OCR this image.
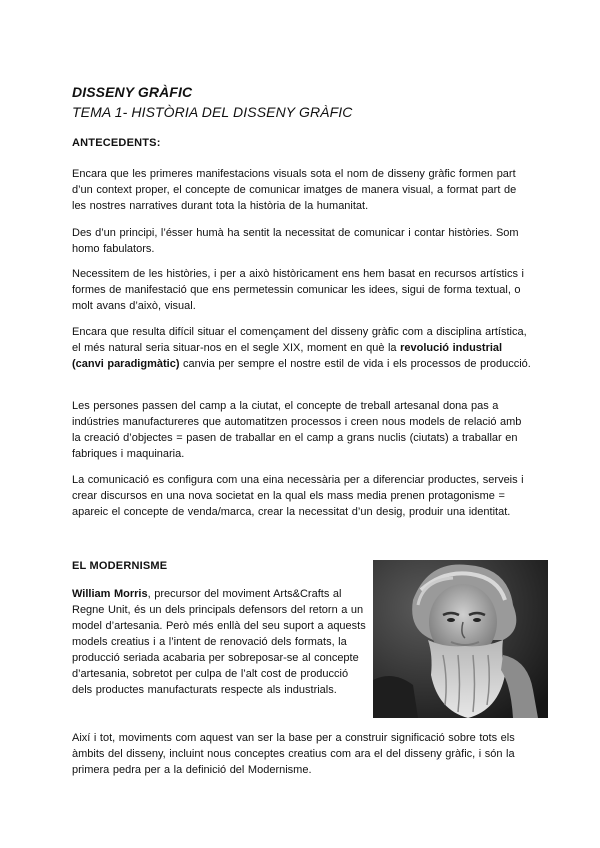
DISSENY GRÀFIC
TEMA 1- HISTÒRIA DEL DISSENY GRÀFIC
ANTECEDENTS:

Encara que les primeres manifestacions visuals sota el nom de disseny gràfic formen part d’un context proper, el concepte de comunicar imatges de manera visual, a format part de les nostres narratives durant tota la història de la humanitat.

Des d’un principi, l’ésser humà ha sentit la necessitat de comunicar i contar històries. Som homo fabulators.

Necessitem de les històries, i per a això històricament ens hem basat en recursos artístics i formes de manifestació que ens permetessin comunicar les idees, sigui de forma textual, o molt avans d’això, visual.

Encara que resulta difícil situar el començament del disseny gràfic com a disciplina artística, el més natural seria situar-nos en el segle XIX, moment en què la revolució industrial (canvi paradigmàtic) canvia per sempre el nostre estil de vida i els processos de producció.

Les persones passen del camp a la ciutat, el concepte de treball artesanal dona pas a indústries manufactureres que automatitzen processos i creen nous models de relació amb la creació d’objectes = pasen de traballar en el camp a grans nuclis (ciutats) a traballar en fabriques i maquinaria.

La comunicació es configura com una eina necessària per a diferenciar productes, serveis i crear discursos en una nova societat en la qual els mass media prenen protagonisme = apareic el concepte de venda/marca, crear la necessitat d’un desig, produir una identitat.

EL MODERNISME

William Morris, precursor del moviment Arts&Crafts al Regne Unit, és un dels principals defensors del retorn a un model d’artesania. Però més enllà del seu suport a aquests models creatius i a l’intent de renovació dels formats, la producció seriada acabaria per sobreposar-se al concepte d’artesania, sobretot per culpa de l’alt cost de producció dels productes manufacturats respecte als industrials.

Així i tot, moviments com aquest van ser la base per a construir significació sobre tots els àmbits del disseny, incluint nous conceptes creatius com ara el del disseny gràfic, i són la primera pedra per a la definició del Modernisme.
